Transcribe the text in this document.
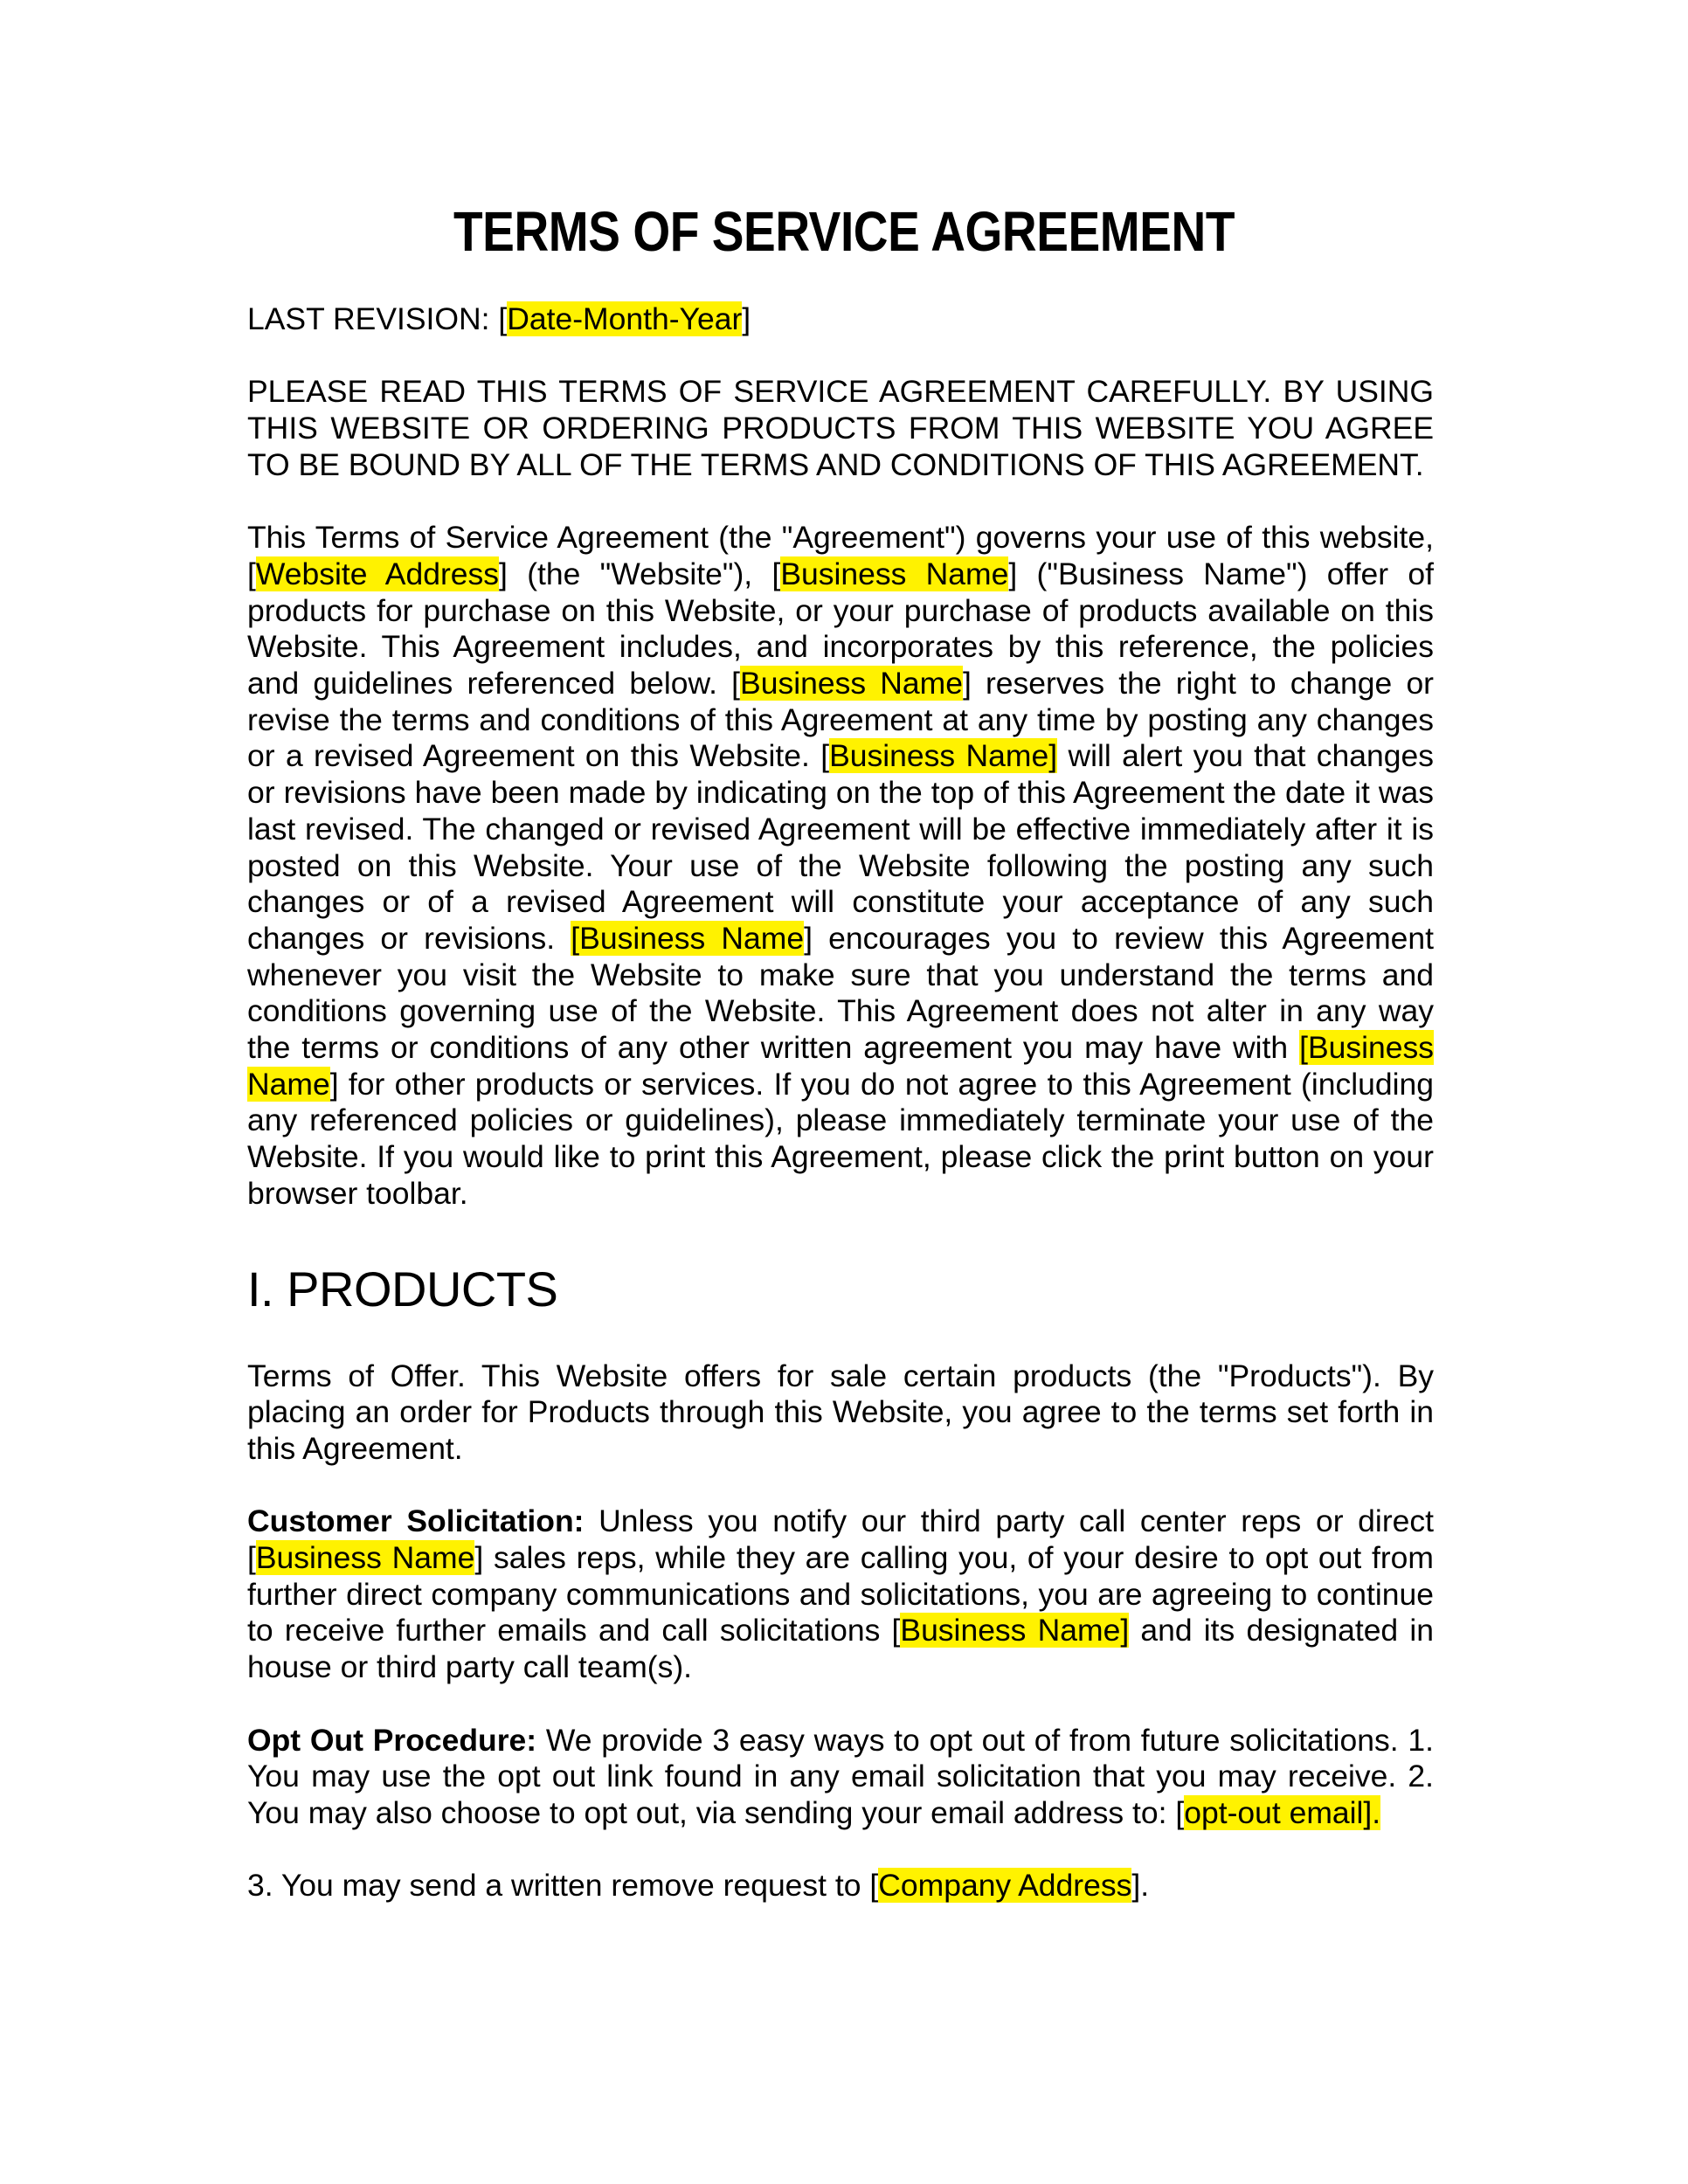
TERMS OF SERVICE AGREEMENT

LAST REVISION: [Date-Month-Year]

PLEASE READ THIS TERMS OF SERVICE AGREEMENT CAREFULLY. BY USING THIS WEBSITE OR ORDERING PRODUCTS FROM THIS WEBSITE YOU AGREE TO BE BOUND BY ALL OF THE TERMS AND CONDITIONS OF THIS AGREEMENT.

This Terms of Service Agreement (the "Agreement") governs your use of this website, [Website Address] (the "Website"), [Business Name] ("Business Name") offer of products for purchase on this Website, or your purchase of products available on this Website. This Agreement includes, and incorporates by this reference, the policies and guidelines referenced below. [Business Name] reserves the right to change or revise the terms and conditions of this Agreement at any time by posting any changes or a revised Agreement on this Website. [Business Name] will alert you that changes or revisions have been made by indicating on the top of this Agreement the date it was last revised. The changed or revised Agreement will be effective immediately after it is posted on this Website. Your use of the Website following the posting any such changes or of a revised Agreement will constitute your acceptance of any such changes or revisions. [Business Name] encourages you to review this Agreement whenever you visit the Website to make sure that you understand the terms and conditions governing use of the Website. This Agreement does not alter in any way the terms or conditions of any other written agreement you may have with [Business Name] for other products or services. If you do not agree to this Agreement (including any referenced policies or guidelines), please immediately terminate your use of the Website. If you would like to print this Agreement, please click the print button on your browser toolbar.

I. PRODUCTS

Terms of Offer. This Website offers for sale certain products (the "Products"). By placing an order for Products through this Website, you agree to the terms set forth in this Agreement.

Customer Solicitation: Unless you notify our third party call center reps or direct [Business Name] sales reps, while they are calling you, of your desire to opt out from further direct company communications and solicitations, you are agreeing to continue to receive further emails and call solicitations [Business Name] and its designated in house or third party call team(s).

Opt Out Procedure: We provide 3 easy ways to opt out of from future solicitations. 1. You may use the opt out link found in any email solicitation that you may receive. 2. You may also choose to opt out, via sending your email address to: [opt-out email].

3. You may send a written remove request to [Company Address].
